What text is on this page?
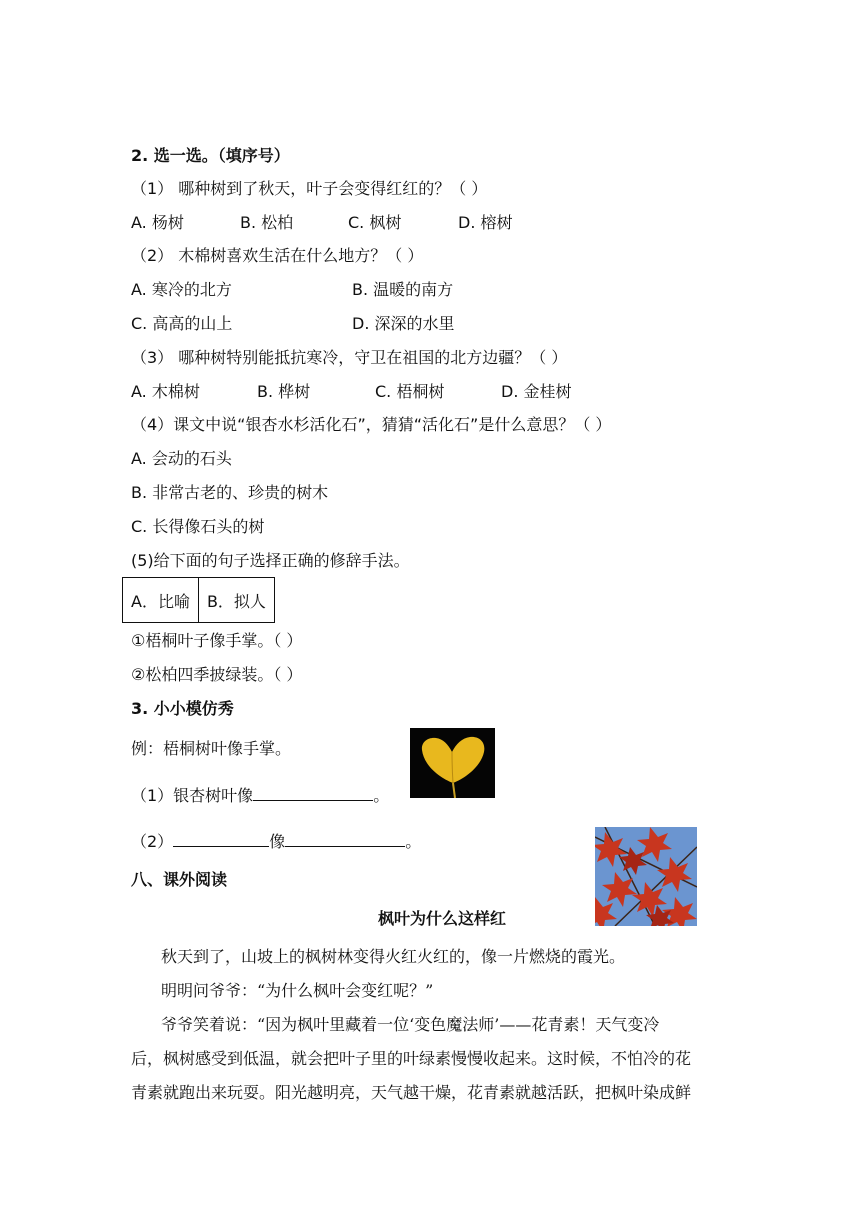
2. 选一选。（填序号）
（1） 哪种树到了秋天，叶子会变得红红的？（ ）
A. 杨树	B. 松柏	C. 枫树	D. 榕树
（2） 木棉树喜欢生活在什么地方？（ ）
A. 寒冷的北方	B. 温暖的南方
C. 高高的山上	D. 深深的水里
（3） 哪种树特别能抵抗寒冷，守卫在祖国的北方边疆？（ ）
A. 木棉树	B. 桦树	C. 梧桐树	D. 金桂树
（4）课文中说“银杏水杉活化石”，猜猜“活化石”是什么意思？（ ）
A. 会动的石头
B. 非常古老的、珍贵的树木
C. 长得像石头的树
(5)给下面的句子选择正确的修辞手法。
A．比喻	B．拟人
①梧桐叶子像手掌。（ ）
②松柏四季披绿装。（ ）
3. 小小模仿秀
例：梧桐树叶像手掌。
（1）银杏树叶像	。
（2）	像	。
八、课外阅读
枫叶为什么这样红
秋天到了，山坡上的枫树林变得火红火红的，像一片燃烧的霞光。
明明问爷爷：“为什么枫叶会变红呢？”
爷爷笑着说：“因为枫叶里藏着一位‘变色魔法师’——花青素！天气变冷
后，枫树感受到低温，就会把叶子里的叶绿素慢慢收起来。这时候，不怕冷的花
青素就跑出来玩耍。阳光越明亮，天气越干燥，花青素就越活跃，把枫叶染成鲜
